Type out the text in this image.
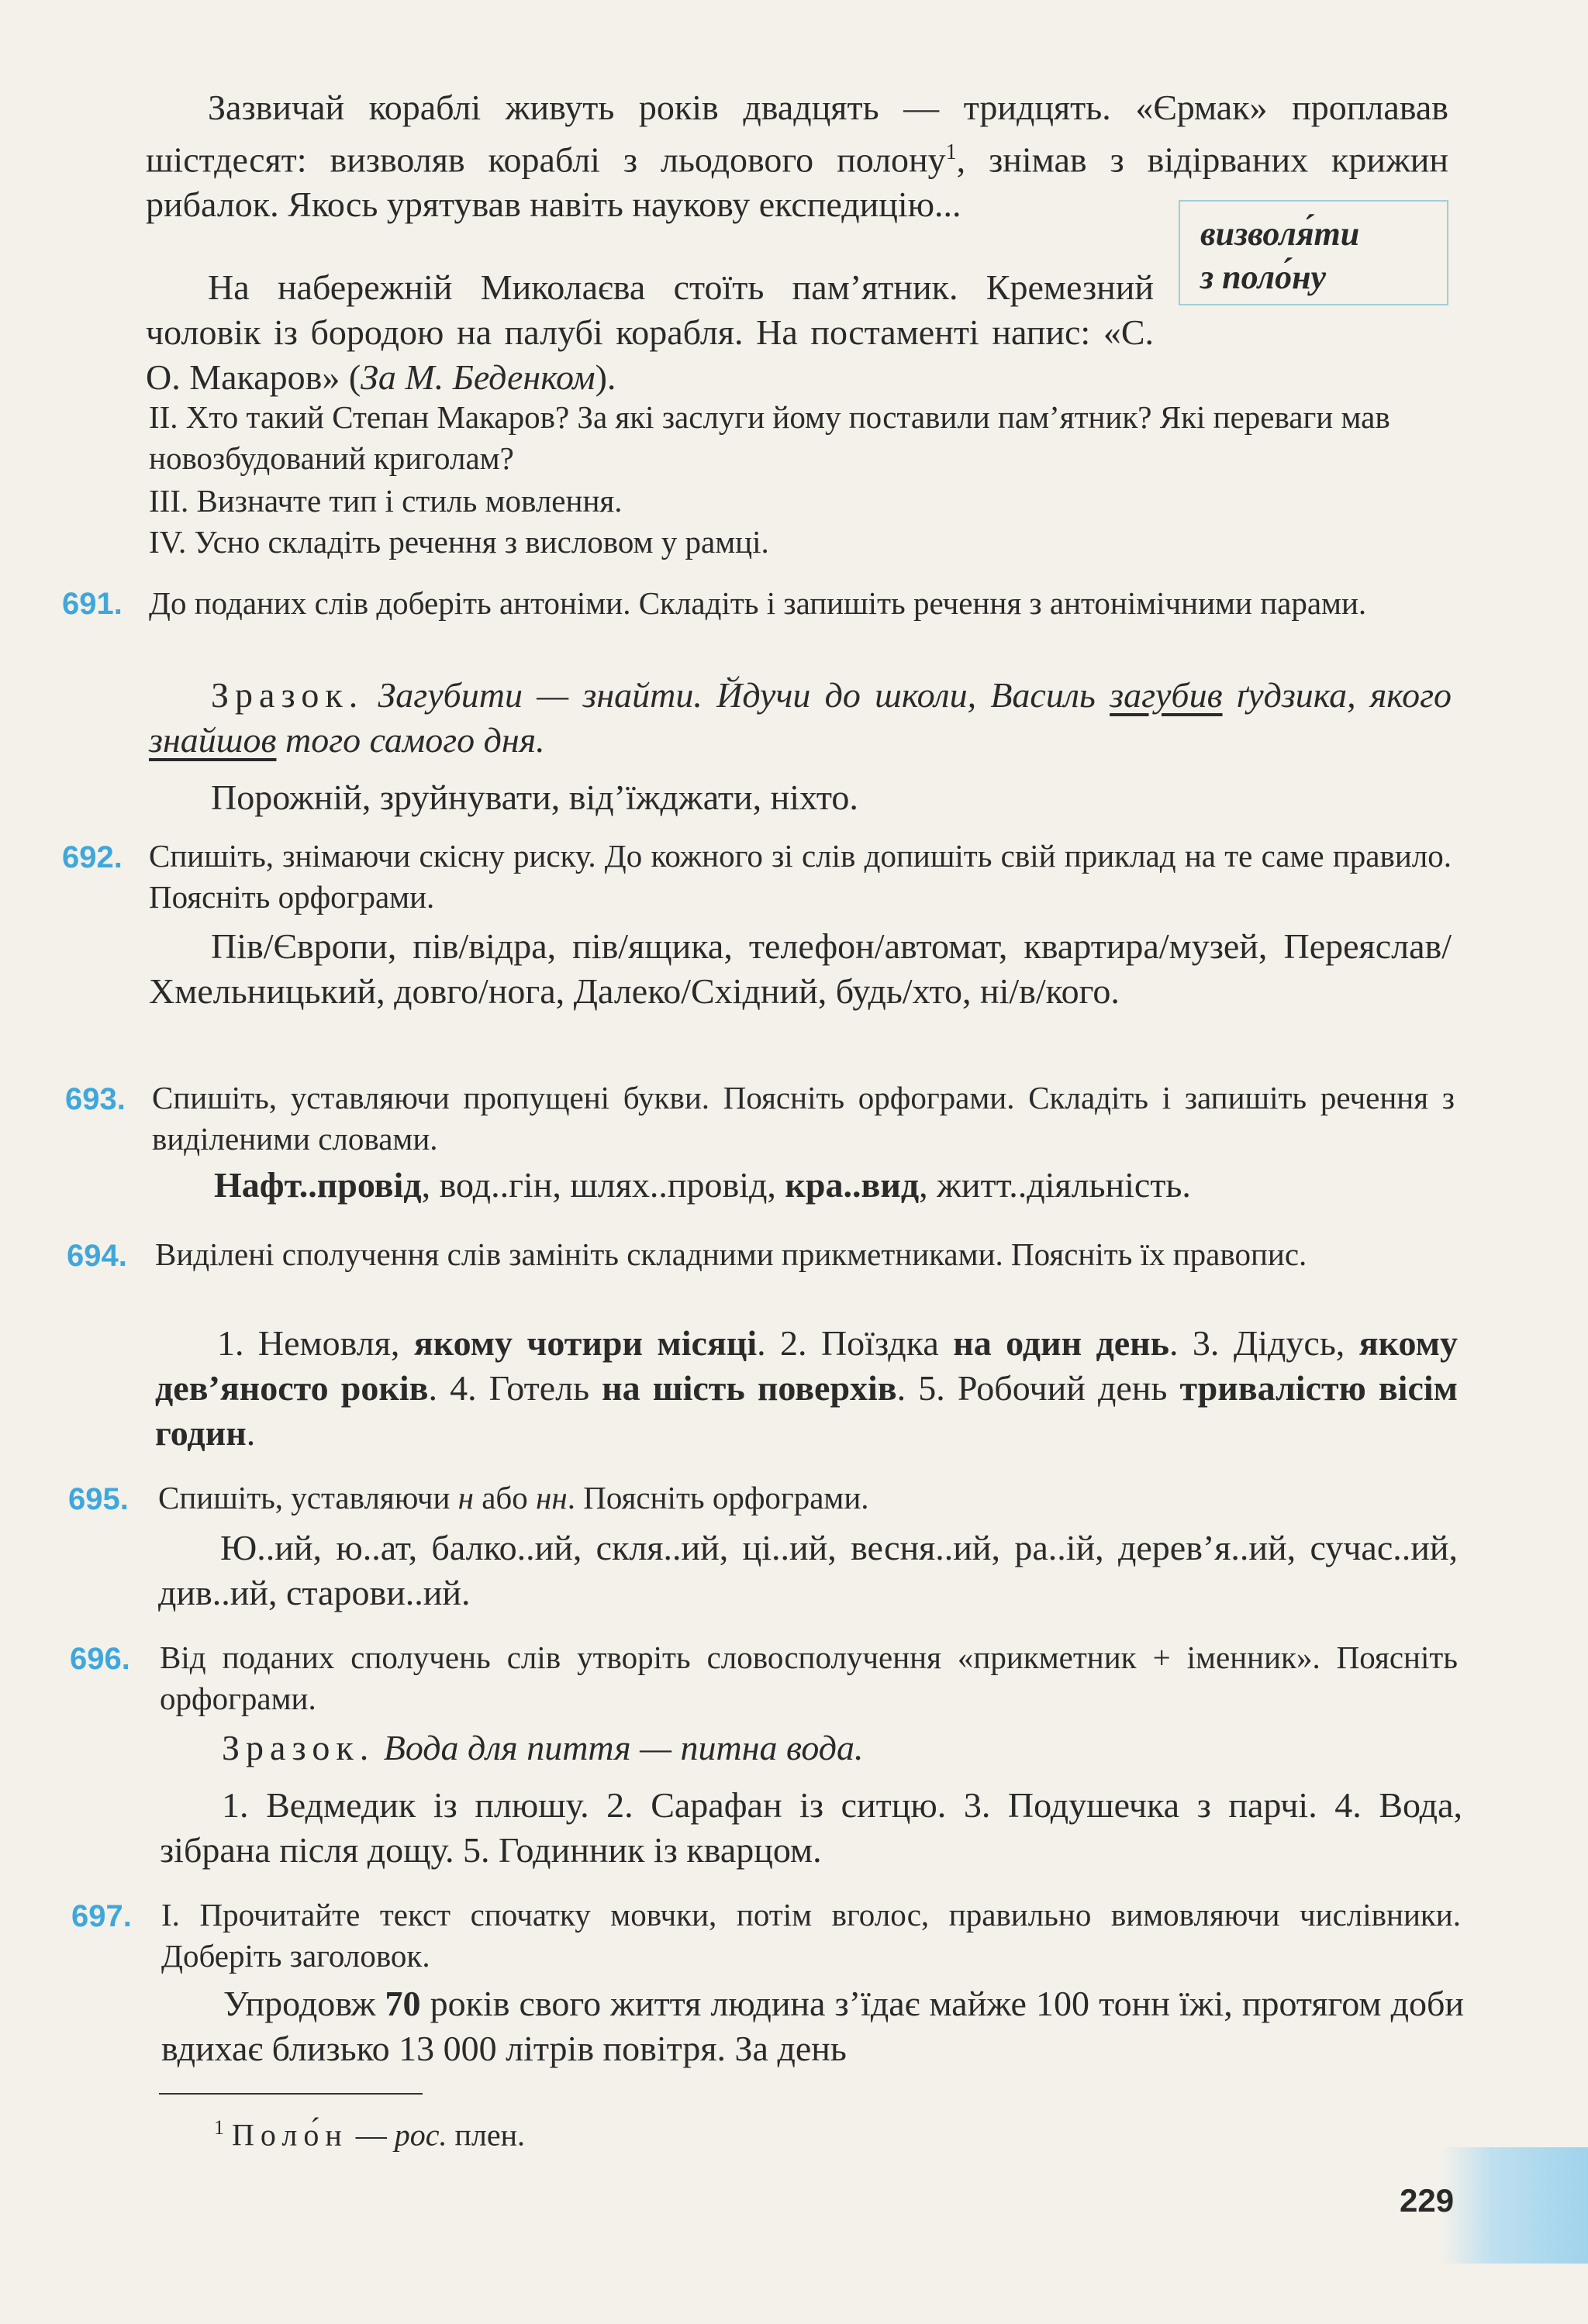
Зазвичай кораблі живуть років двадцять — тридцять. «Єрмак» проплавав шістдесят: визволяв кораблі з льодового полону$^1$, знімав з відірваних крижин рибалок. Якось урятував навіть наукову експедицію...
визволя́ти
з поло́ну
На набережній Миколаєва стоїть пам’ятник. Кремезний чоловік із бородою на палубі корабля. На постаменті напис: «С. О. Макаров» (За М. Беденком).
II. Хто такий Степан Макаров? За які заслуги йому поставили пам’ятник? Які переваги мав новозбудований криголам?
III. Визначте тип і стиль мовлення.
IV. Усно складіть речення з висловом у рамці.
691. До поданих слів доберіть антоніми. Складіть і запишіть речення з антонімічними парами.
Зразок. Загубити — знайти. Йдучи до школи, Василь загубив ґудзика, якого знайшов того самого дня.
Порожній, зруйнувати, від’їжджати, ніхто.
692. Спишіть, знімаючи скісну риску. До кожного зі слів допишіть свій приклад на те саме правило. Поясніть орфограми.
Пів/Європи, пів/відра, пів/ящика, телефон/автомат, квартира/музей, Переяслав/Хмельницький, довго/нога, Далеко/Східний, будь/хто, ні/в/кого.
693. Спишіть, уставляючи пропущені букви. Поясніть орфограми. Складіть і запишіть речення з виділеними словами.
Нафт..провід, вод..гін, шлях..провід, кра..вид, житт..діяльність.
694. Виділені сполучення слів замініть складними прикметниками. Поясніть їх правопис.
1. Немовля, якому чотири місяці. 2. Поїздка на один день. 3. Дідусь, якому дев’яносто років. 4. Готель на шість поверхів. 5. Робочий день тривалістю вісім годин.
695. Спишіть, уставляючи н або нн. Поясніть орфограми.
Ю..ий, ю..ат, балко..ий, скля..ий, ці..ий, весня..ий, ра..ій, дерев’я..ий, сучас..ий, див..ий, старови..ий.
696. Від поданих сполучень слів утворіть словосполучення «прикметник + іменник». Поясніть орфограми.
Зразок. Вода для пиття — питна вода.
1. Ведмедик із плюшу. 2. Сарафан із ситцю. 3. Подушечка з парчі. 4. Вода, зібрана після дощу. 5. Годинник із кварцом.
697. I. Прочитайте текст спочатку мовчки, потім вголос, правильно вимовляючи числівники. Доберіть заголовок.
Упродовж 70 років свого життя людина з’їдає майже 100 тонн їжі, протягом доби вдихає близько 13 000 літрів повітря. За день
$^1$ Поло́н — рос. плен.
229
